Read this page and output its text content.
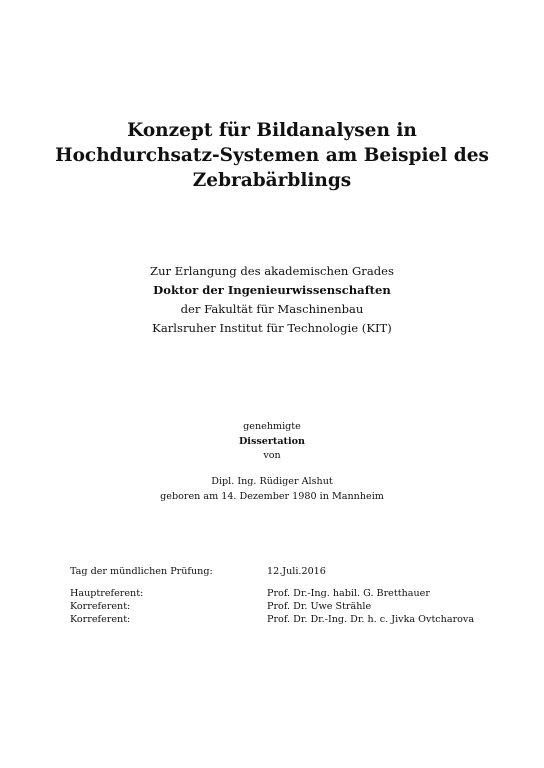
Konzept für Bildanalysen in
Hochdurchsatz-Systemen am Beispiel des
Zebrabärblings
Zur Erlangung des akademischen Grades
Doktor der Ingenieurwissenschaften
der Fakultät für Maschinenbau
Karlsruher Institut für Technologie (KIT)
genehmigte
Dissertation
von
Dipl. Ing. Rüdiger Alshut
geboren am 14. Dezember 1980 in Mannheim
Tag der mündlichen Prüfung:	12.Juli.2016
Hauptreferent:	Prof. Dr.-Ing. habil. G. Bretthauer
Korreferent:	Prof. Dr. Uwe Strähle
Korreferent:	Prof. Dr. Dr.-Ing. Dr. h. c. Jivka Ovtcharova
